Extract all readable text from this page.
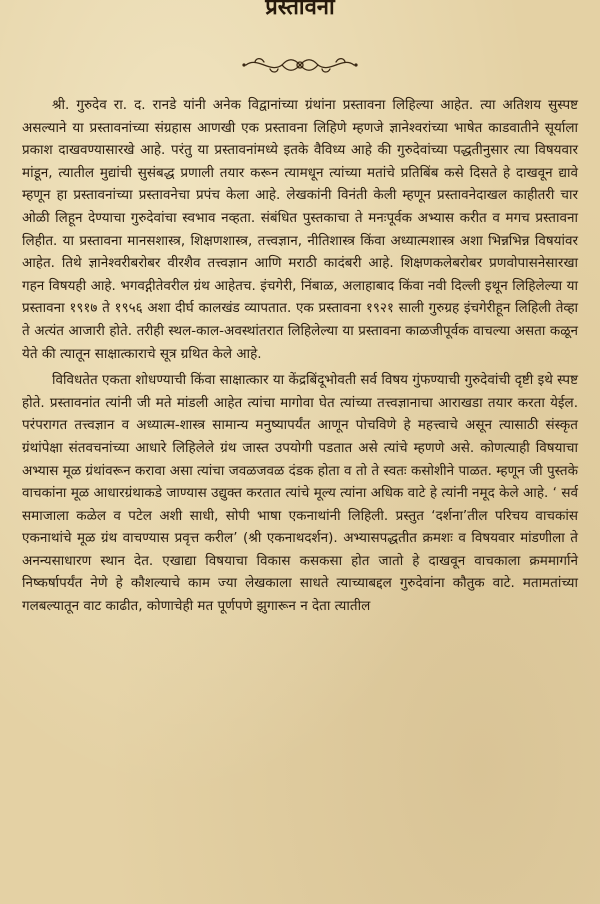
प्रस्तावना

श्री. गुरुदेव रा. द. रानडे यांनी अनेक विद्वानांच्या ग्रंथांना प्रस्तावना लिहिल्या आहेत. त्या अतिशय सुस्पष्ट असल्याने या प्रस्तावनांच्या संग्रहास आणखी एक प्रस्तावना लिहिणे म्हणजे ज्ञानेश्वरांच्या भाषेत काडवातीने सूर्याला प्रकाश दाखवण्यासारखे आहे. परंतु या प्रस्तावनांमध्ये इतके वैविध्य आहे की गुरुदेवांच्या पद्धतीनुसार त्या विषयवार मांडून, त्यातील मुद्यांची सुसंबद्ध प्रणाली तयार करून त्यामधून त्यांच्या मतांचे प्रतिबिंब कसे दिसते हे दाखवून द्यावे म्हणून हा प्रस्तावनांच्या प्रस्तावनेचा प्रपंच केला आहे. लेखकांनी विनंती केली म्हणून प्रस्तावनेदाखल काहीतरी चार ओळी लिहून देण्याचा गुरुदेवांचा स्वभाव नव्हता. संबंधित पुस्तकाचा ते मनःपूर्वक अभ्यास करीत व मगच प्रस्तावना लिहीत. या प्रस्तावना मानसशास्त्र, शिक्षणशास्त्र, तत्त्वज्ञान, नीतिशास्त्र किंवा अध्यात्मशास्त्र अशा भिन्नभिन्न विषयांवर आहेत. तिथे ज्ञानेश्वरीबरोबर वीरशैव तत्त्वज्ञान आणि मराठी कादंबरी आहे. शिक्षणकलेबरोबर प्रणवोपासनेसारखा गहन विषयही आहे. भगवद्गीतेवरील ग्रंथ आहेतच. इंचगेरी, निंबाळ, अलाहाबाद किंवा नवी दिल्ली इथून लिहिलेल्या या प्रस्तावना १९१७ ते १९५६ अशा दीर्घ कालखंड व्यापतात. एक प्रस्तावना १९२१ साली गुरुग्रह इंचगेरीहून लिहिली तेव्हा ते अत्यंत आजारी होते. तरीही स्थल-काल-अवस्थांतरात लिहिलेल्या या प्रस्तावना काळजीपूर्वक वाचल्या असता कळून येते की त्यातून साक्षात्काराचे सूत्र ग्रथित केले आहे.

विविधतेत एकता शोधण्याची किंवा साक्षात्कार या केंद्रबिंदूभोवती सर्व विषय गुंफण्याची गुरुदेवांची दृष्टी इथे स्पष्ट होते. प्रस्तावनांत त्यांनी जी मते मांडली आहेत त्यांचा मागोवा घेत त्यांच्या तत्त्वज्ञानाचा आराखडा तयार करता येईल. परंपरागत तत्त्वज्ञान व अध्यात्म-शास्त्र सामान्य मनुष्यापर्यंत आणून पोचविणे हे महत्त्वाचे असून त्यासाठी संस्कृत ग्रंथांपेक्षा संतवचनांच्या आधारे लिहिलेले ग्रंथ जास्त उपयोगी पडतात असे त्यांचे म्हणणे असे. कोणत्याही विषयाचा अभ्यास मूळ ग्रंथांवरून करावा असा त्यांचा जवळजवळ दंडक होता व तो ते स्वतः कसोशीने पाळत. म्हणून जी पुस्तके वाचकांना मूळ आधारग्रंथाकडे जाण्यास उद्युक्त करतात त्यांचे मूल्य त्यांना अधिक वाटे हे त्यांनी नमूद केले आहे. ‘ सर्व समाजाला कळेल व पटेल अशी साधी, सोपी भाषा एकनाथांनी लिहिली. प्रस्तुत ‘दर्शना’तील परिचय वाचकांस एकनाथांचे मूळ ग्रंथ वाचण्यास प्रवृत्त करील’ (श्री एकनाथदर्शन). अभ्यासपद्धतीत क्रमशः व विषयवार मांडणीला ते अनन्यसाधारण स्थान देत. एखाद्या विषयाचा विकास कसकसा होत जातो हे दाखवून वाचकाला क्रममार्गाने निष्कर्षापर्यंत नेणे हे कौशल्याचे काम ज्या लेखकाला साधते त्याच्याबद्दल गुरुदेवांना कौतुक वाटे. मतामतांच्या गलबल्यातून वाट काढीत, कोणाचेही मत पूर्णपणे झुगारून न देता त्यातील
